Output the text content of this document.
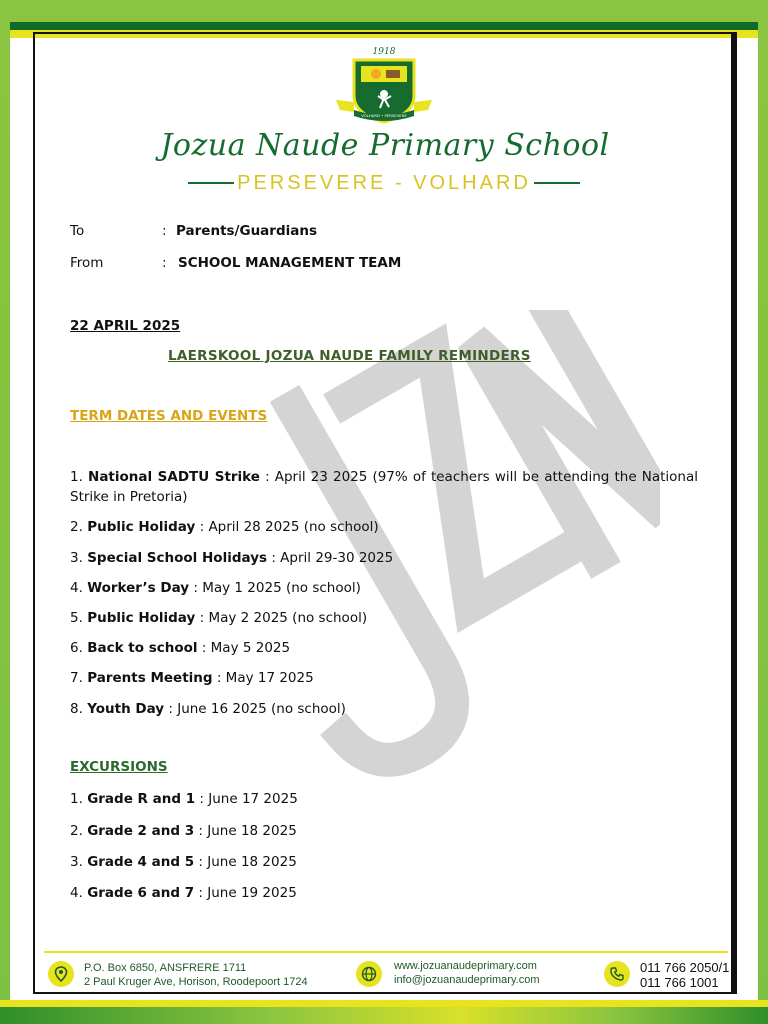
1918
VOLHARD • PERSEVERE
Jozua Naude Primary School
PERSEVERE - VOLHARD
To	: Parents/Guardians
From	: SCHOOL MANAGEMENT TEAM
22 APRIL 2025
LAERSKOOL JOZUA NAUDE FAMILY REMINDERS
TERM DATES AND EVENTS
1. National SADTU Strike : April 23 2025 (97% of teachers will be attending the National Strike in Pretoria)
2. Public Holiday : April 28 2025 (no school)
3. Special School Holidays : April 29-30 2025
4. Worker’s Day : May 1 2025 (no school)
5. Public Holiday : May 2 2025 (no school)
6. Back to school : May 5 2025
7. Parents Meeting : May 17 2025
8. Youth Day : June 16 2025 (no school)
EXCURSIONS
1. Grade R and 1 : June 17 2025
2. Grade 2 and 3 : June 18 2025
3. Grade 4 and 5 : June 18 2025
4. Grade 6 and 7 : June 19 2025
P.O. Box 6850, ANSFRERE 1711
2 Paul Kruger Ave, Horison, Roodepoort 1724
www.jozuanaudeprimary.com
info@jozuanaudeprimary.com
011 766 2050/1
011 766 1001
